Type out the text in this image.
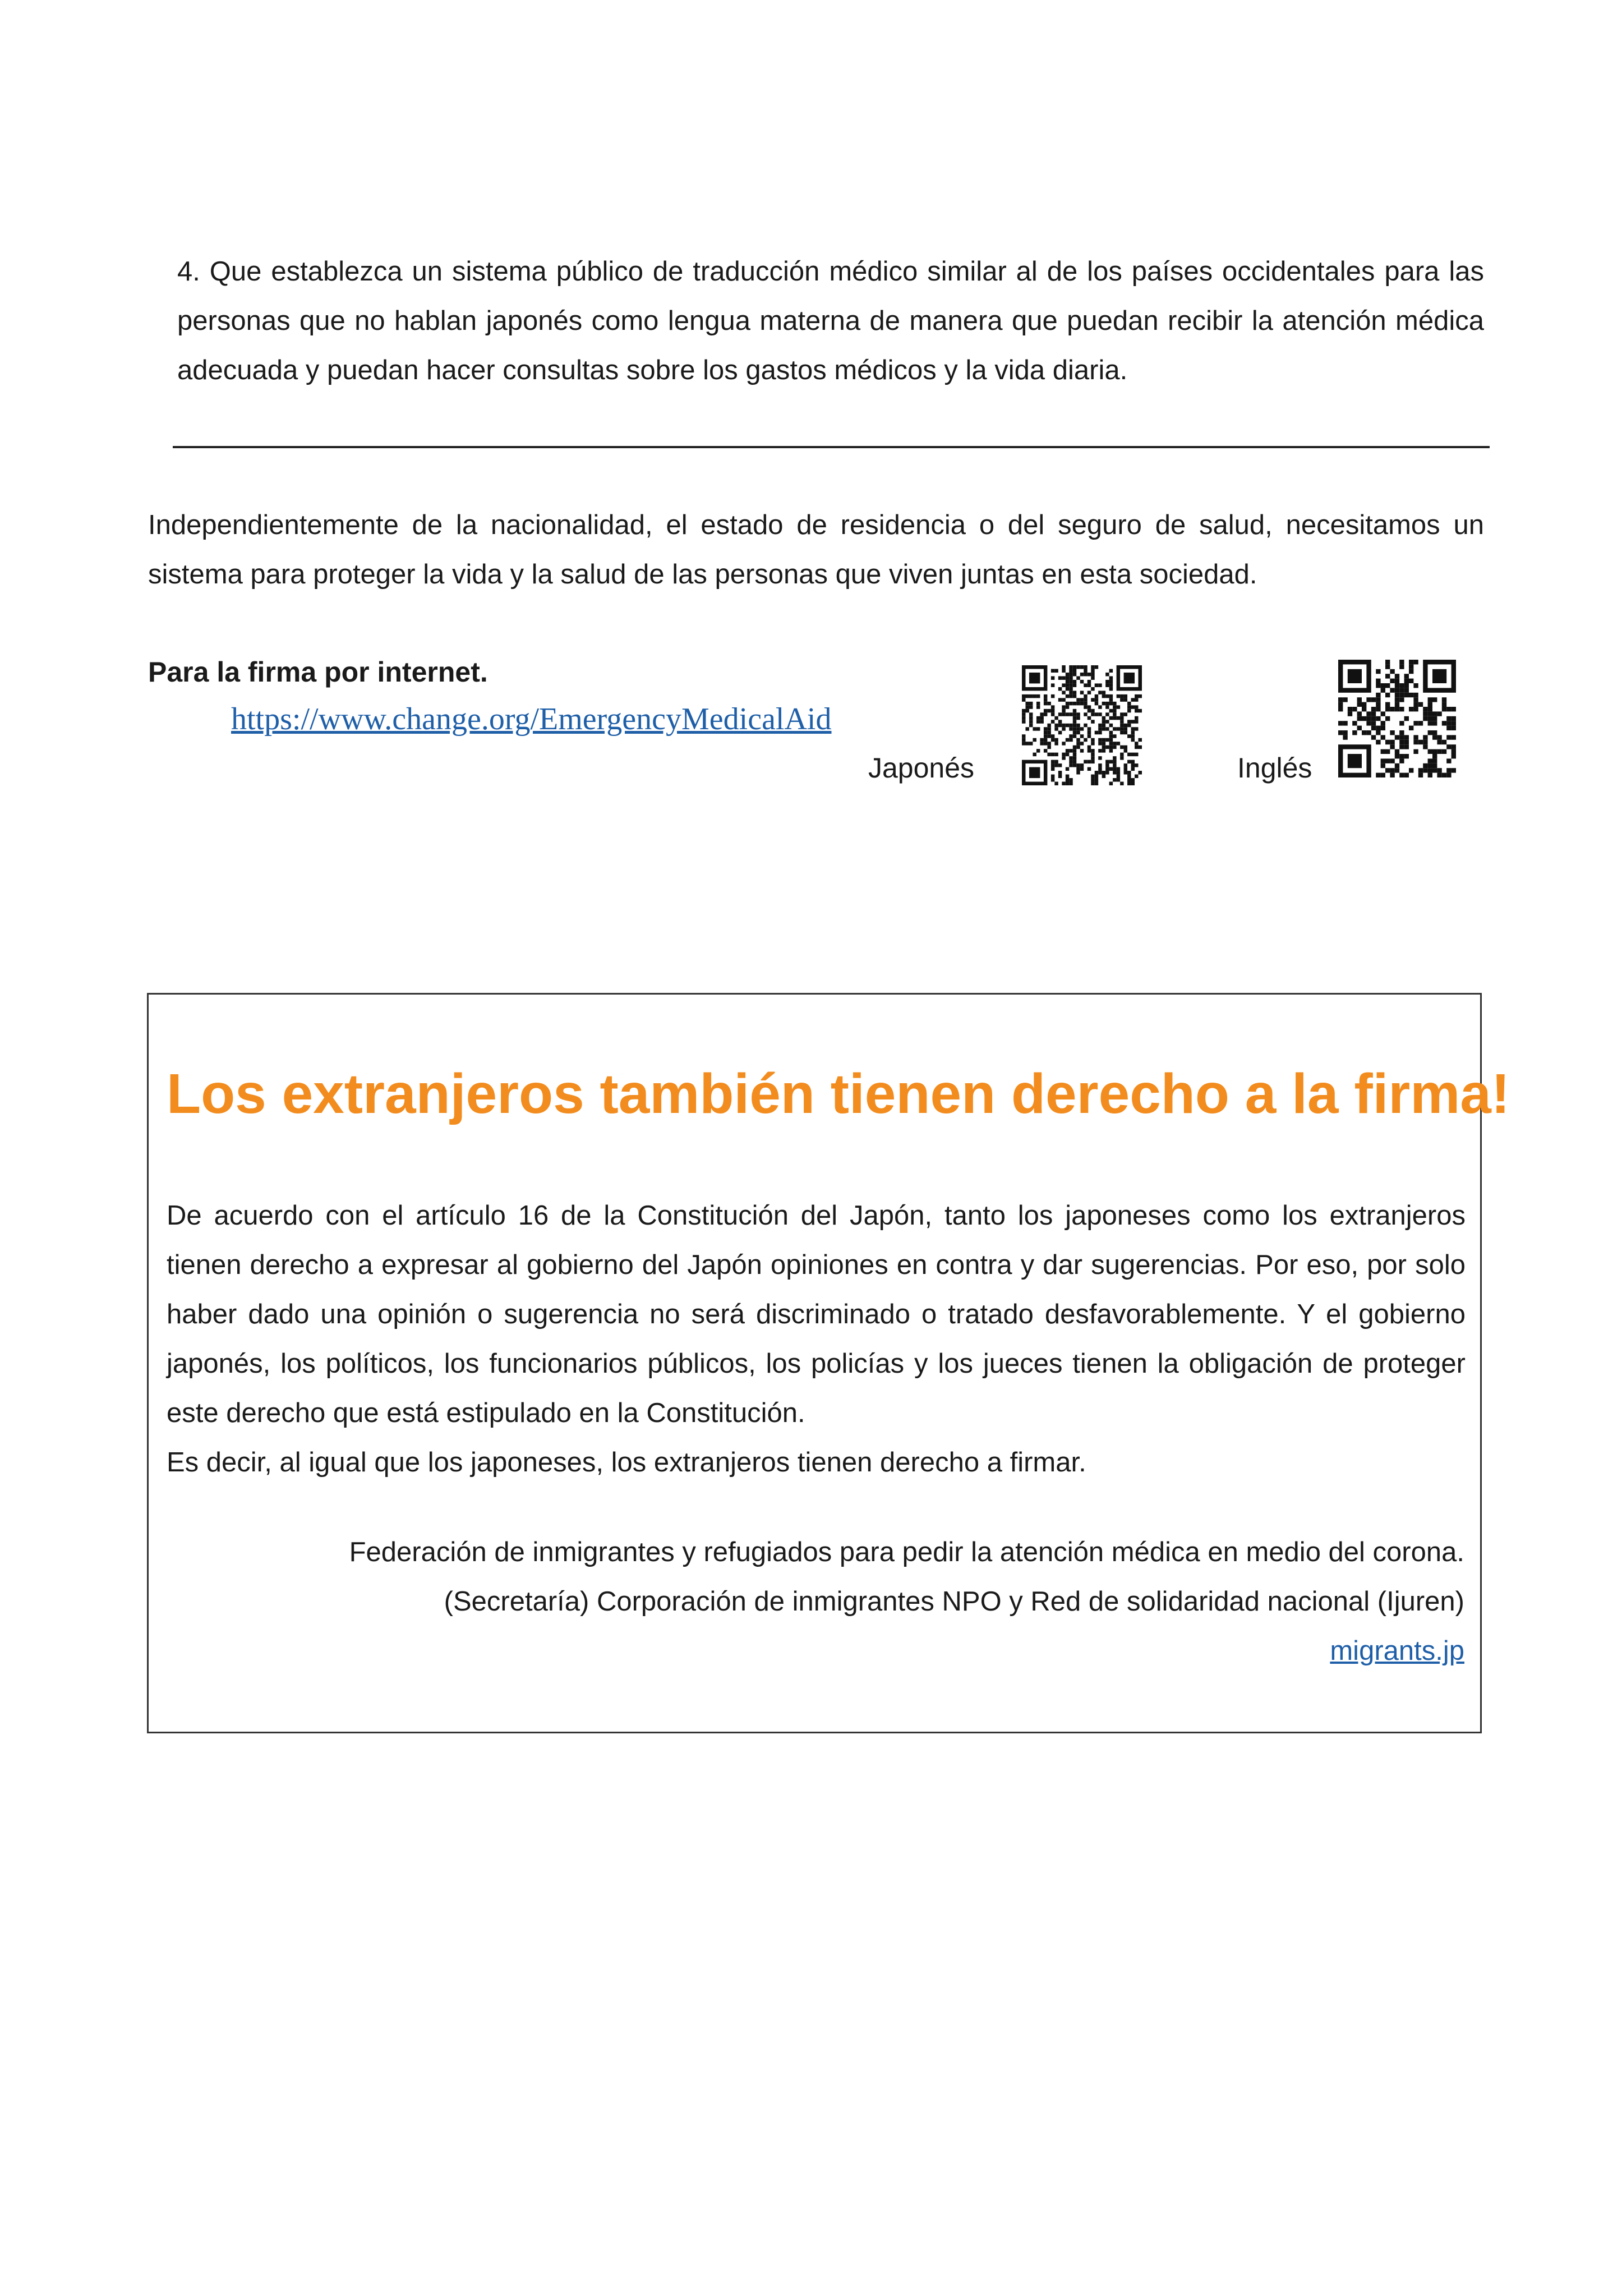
4. Que establezca un sistema público de traducción médico similar al de los países occidentales para las personas que no hablan japonés como lengua materna de manera que puedan recibir la atención médica adecuada y puedan hacer consultas sobre los gastos médicos y la vida diaria.
Independientemente de la nacionalidad, el estado de residencia o del seguro de salud, necesitamos un sistema para proteger la vida y la salud de las personas que viven juntas en esta sociedad.
Para la firma por internet.
https://www.change.org/EmergencyMedicalAid
Japonés	Inglés
Los extranjeros también tienen derecho a la firma!
De acuerdo con el artículo 16 de la Constitución del Japón, tanto los japoneses como los extranjeros tienen derecho a expresar al gobierno del Japón opiniones en contra y dar sugerencias. Por eso, por solo haber dado una opinión o sugerencia no será discriminado o tratado desfavorablemente. Y el gobierno japonés, los políticos, los funcionarios públicos, los policías y los jueces tienen la obligación de proteger este derecho que está estipulado en la Constitución.
Es decir, al igual que los japoneses, los extranjeros tienen derecho a firmar.
Federación de inmigrantes y refugiados para pedir la atención médica en medio del corona.
(Secretaría) Corporación de inmigrantes NPO y Red de solidaridad nacional (Ijuren)
migrants.jp
